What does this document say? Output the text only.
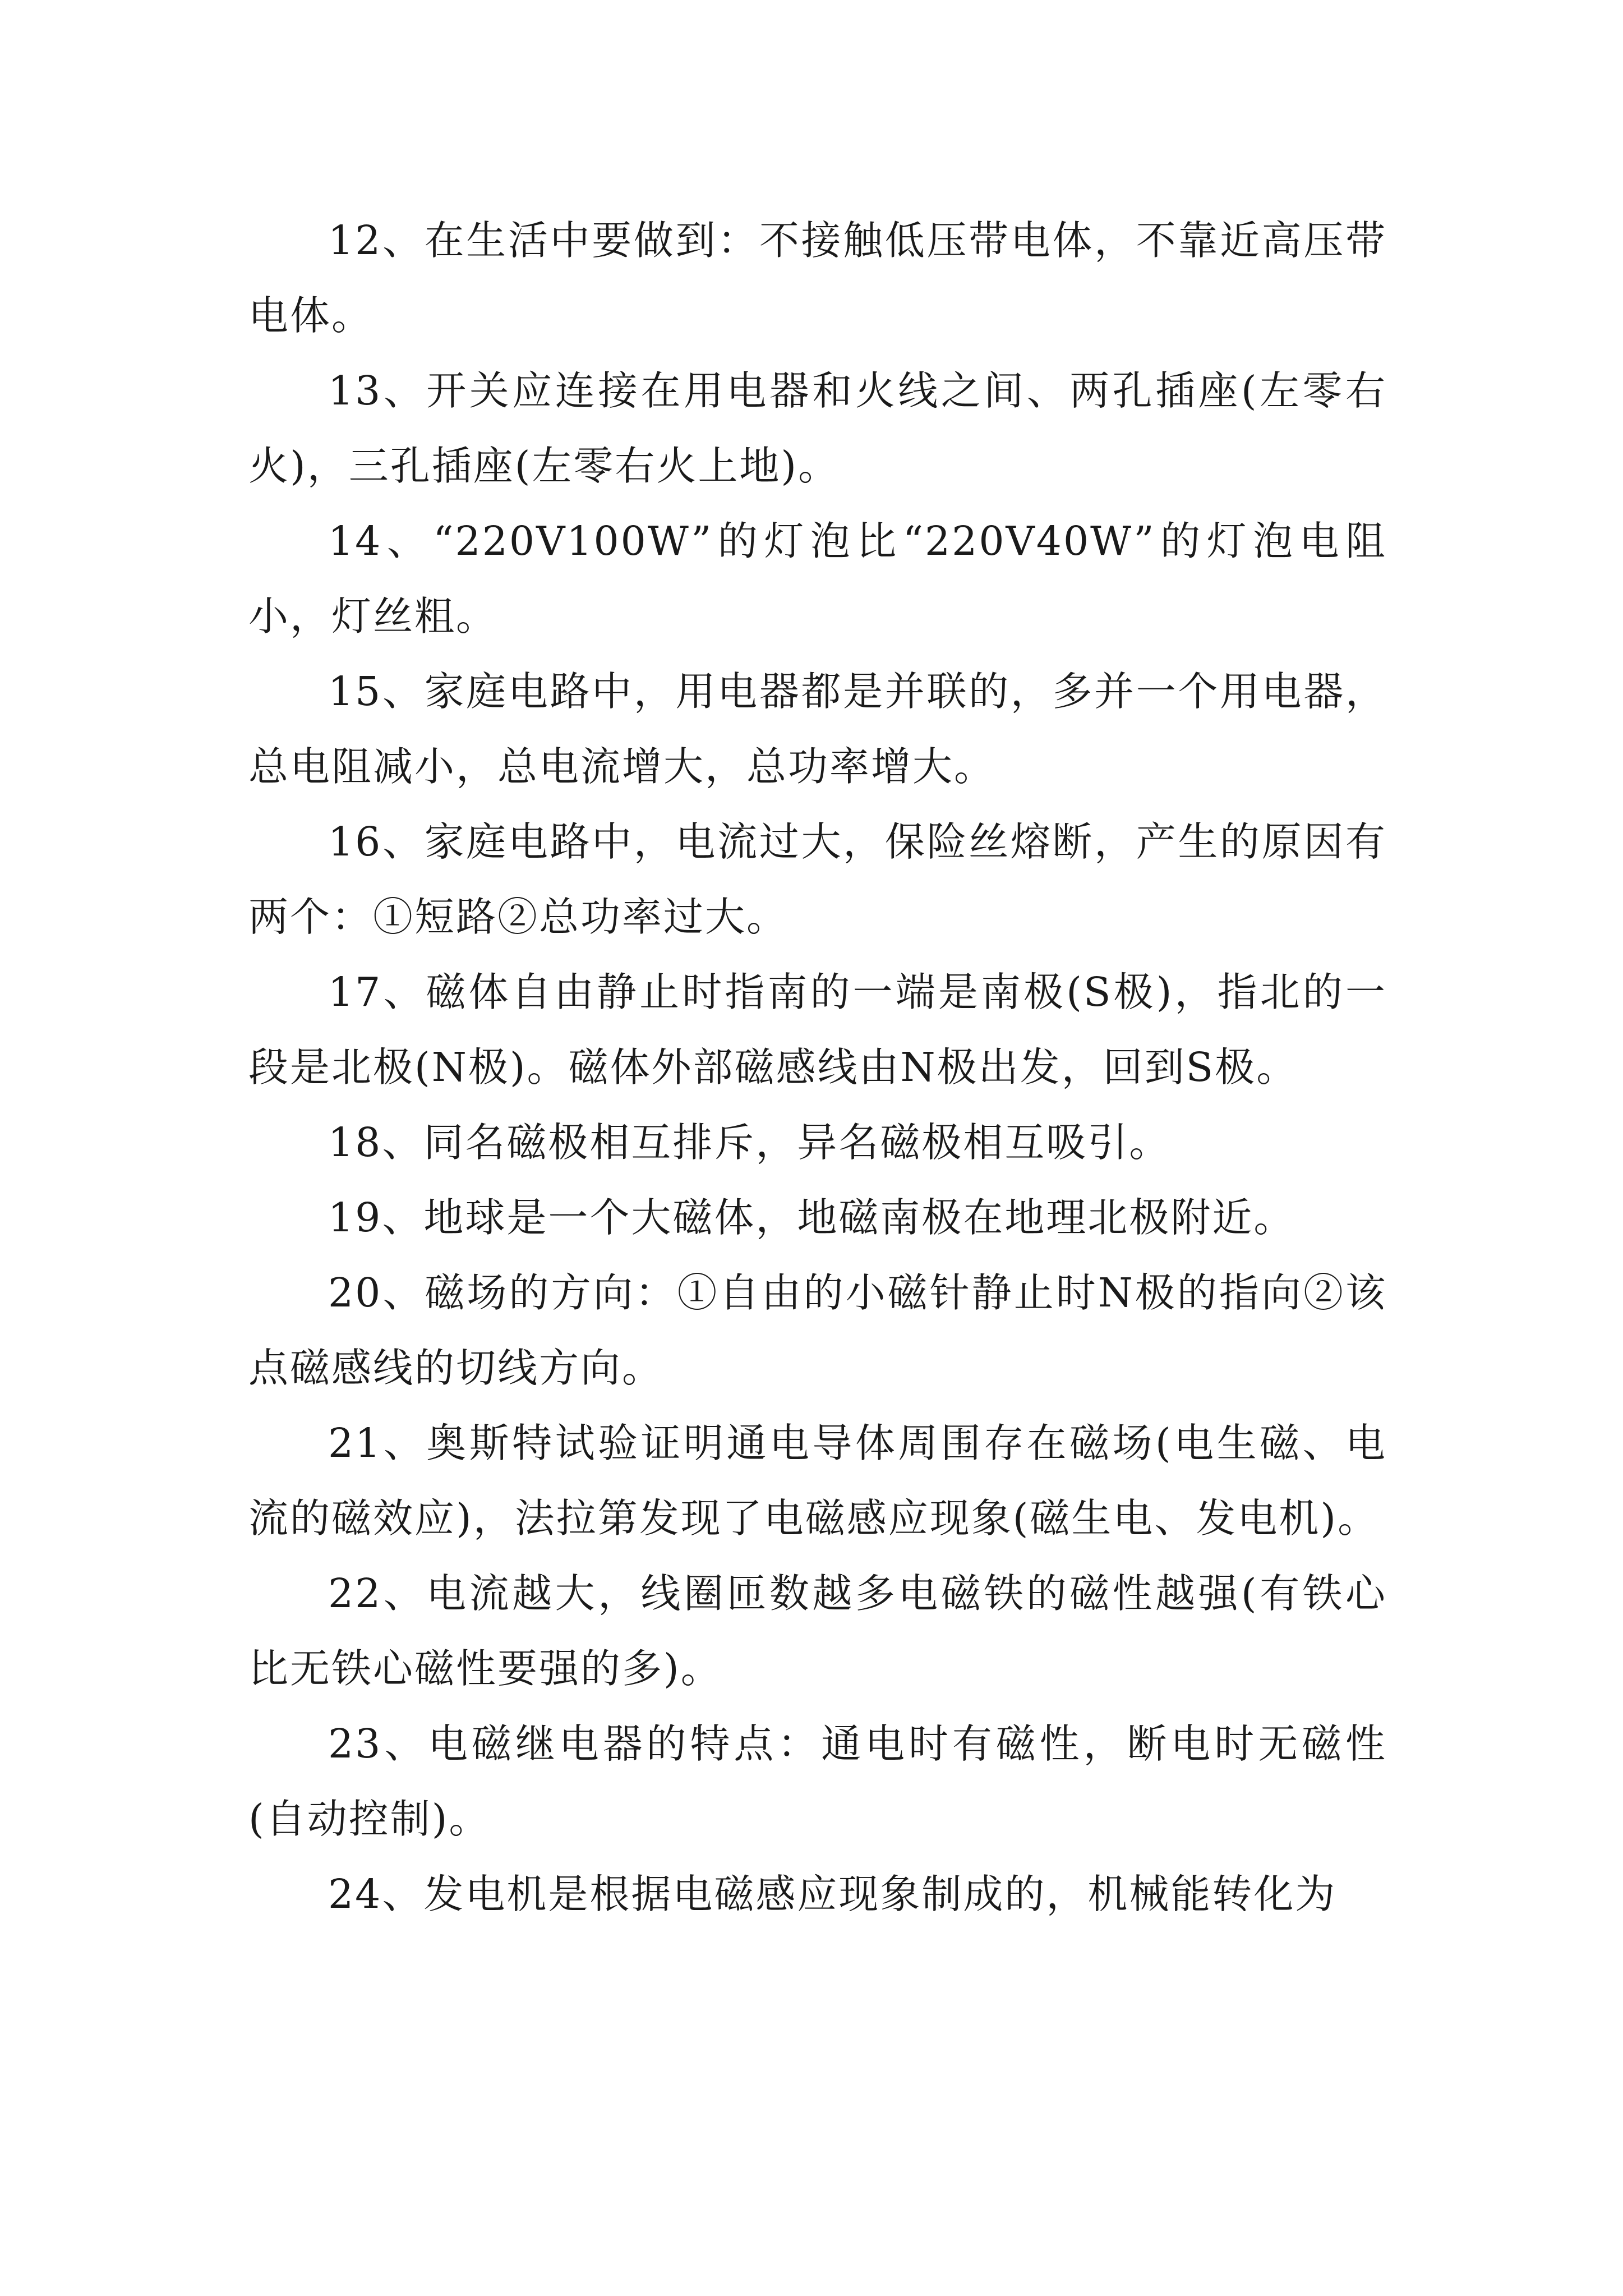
12、在生活中要做到：不接触低压带电体，不靠近高压带电体。

13、开关应连接在用电器和火线之间、两孔插座(左零右火)，三孔插座(左零右火上地)。

14、“220V100W”的灯泡比“220V40W”的灯泡电阻小，灯丝粗。

15、家庭电路中，用电器都是并联的，多并一个用电器，总电阻减小，总电流增大，总功率增大。

16、家庭电路中，电流过大，保险丝熔断，产生的原因有两个：①短路②总功率过大。

17、磁体自由静止时指南的一端是南极(S极)，指北的一段是北极(N极)。磁体外部磁感线由N极出发，回到S极。

18、同名磁极相互排斥，异名磁极相互吸引。

19、地球是一个大磁体，地磁南极在地理北极附近。

20、磁场的方向：①自由的小磁针静止时N极的指向②该点磁感线的切线方向。

21、奥斯特试验证明通电导体周围存在磁场(电生磁、电流的磁效应)，法拉第发现了电磁感应现象(磁生电、发电机)。

22、电流越大，线圈匝数越多电磁铁的磁性越强(有铁心比无铁心磁性要强的多)。

23、电磁继电器的特点：通电时有磁性，断电时无磁性(自动控制)。

24、发电机是根据电磁感应现象制成的，机械能转化为
